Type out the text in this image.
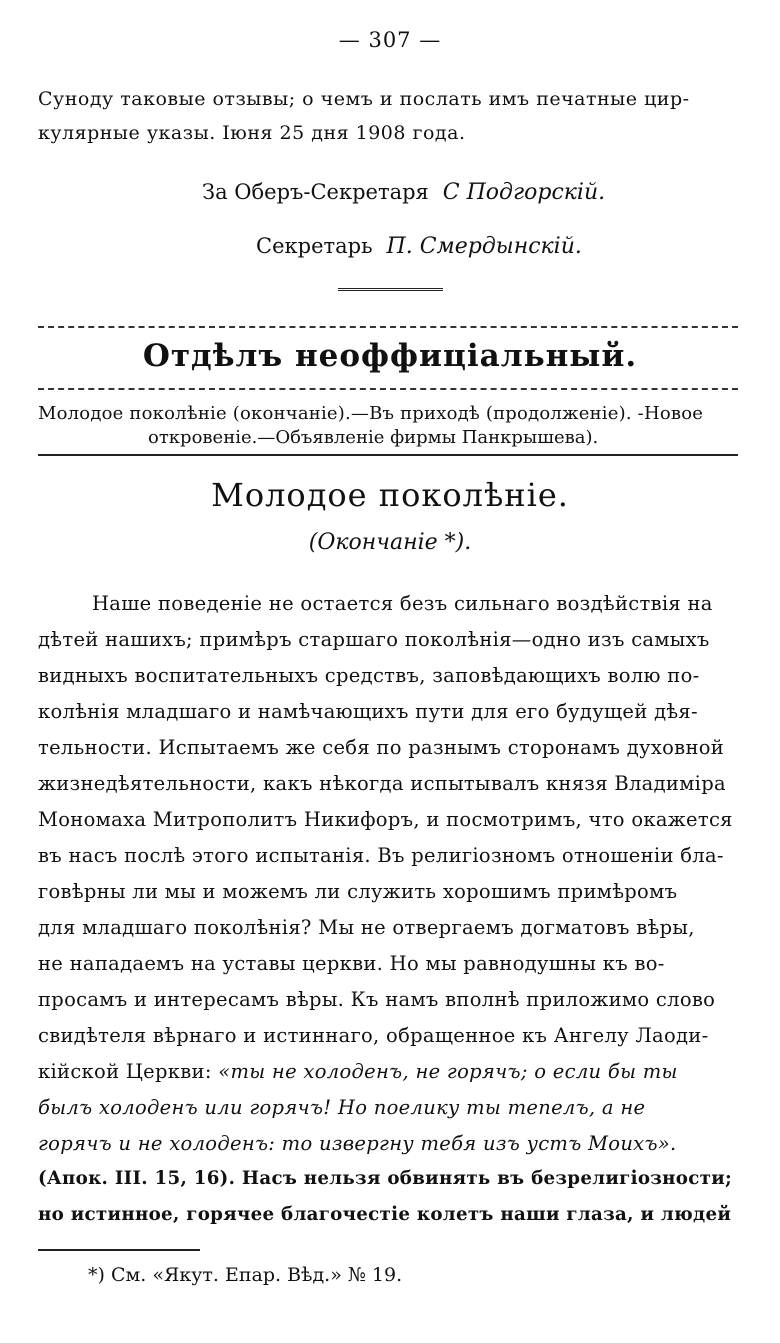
— 307 —
Суноду таковые отзывы; о чемъ и послать имъ печатные цир-
кулярные указы. Іюня 25 дня 1908 года.
За Оберъ-Секретаря С Подгорскій.
Секретарь П. Смердынскій.
Отдѣлъ неоффиціальный.
Молодое поколѣніе (окончаніе).—Въ приходѣ (продолженіе). -Новое
откровеніе.—Объявленіе фирмы Панкрышева).
Молодое поколѣніе.
(Окончаніе *).
Наше поведеніе не остается безъ сильнаго воздѣйствія на
дѣтей нашихъ; примѣръ старшаго поколѣнія—одно изъ самыхъ
видныхъ воспитательныхъ средствъ, заповѣдающихъ волю по-
колѣнія младшаго и намѣчающихъ пути для его будущей дѣя-
тельности. Испытаемъ же себя по разнымъ сторонамъ духовной
жизнедѣятельности, какъ нѣкогда испытывалъ князя Владиміра
Мономаха Митрополитъ Никифоръ, и посмотримъ, что окажется
въ насъ послѣ этого испытанія. Въ религіозномъ отношеніи бла-
говѣрны ли мы и можемъ ли служить хорошимъ примѣромъ
для младшаго поколѣнія? Мы не отвергаемъ догматовъ вѣры,
не нападаемъ на уставы церкви. Но мы равнодушны къ во-
просамъ и интересамъ вѣры. Къ намъ вполнѣ приложимо слово
свидѣтеля вѣрнаго и истиннаго, обращенное къ Ангелу Лаоди-
кійской Церкви: «ты не холоденъ, не горячъ; о если бы ты
былъ холоденъ или горячъ! Но поелику ты тепелъ, а не
горячъ и не холоденъ: то извергну тебя изъ устъ Моихъ».
(Апок. III. 15, 16). Насъ нельзя обвинять въ безрелигіозности;
но истинное, горячее благочестіе колетъ наши глаза, и людей
*) См. «Якут. Епар. Вѣд.» № 19.
